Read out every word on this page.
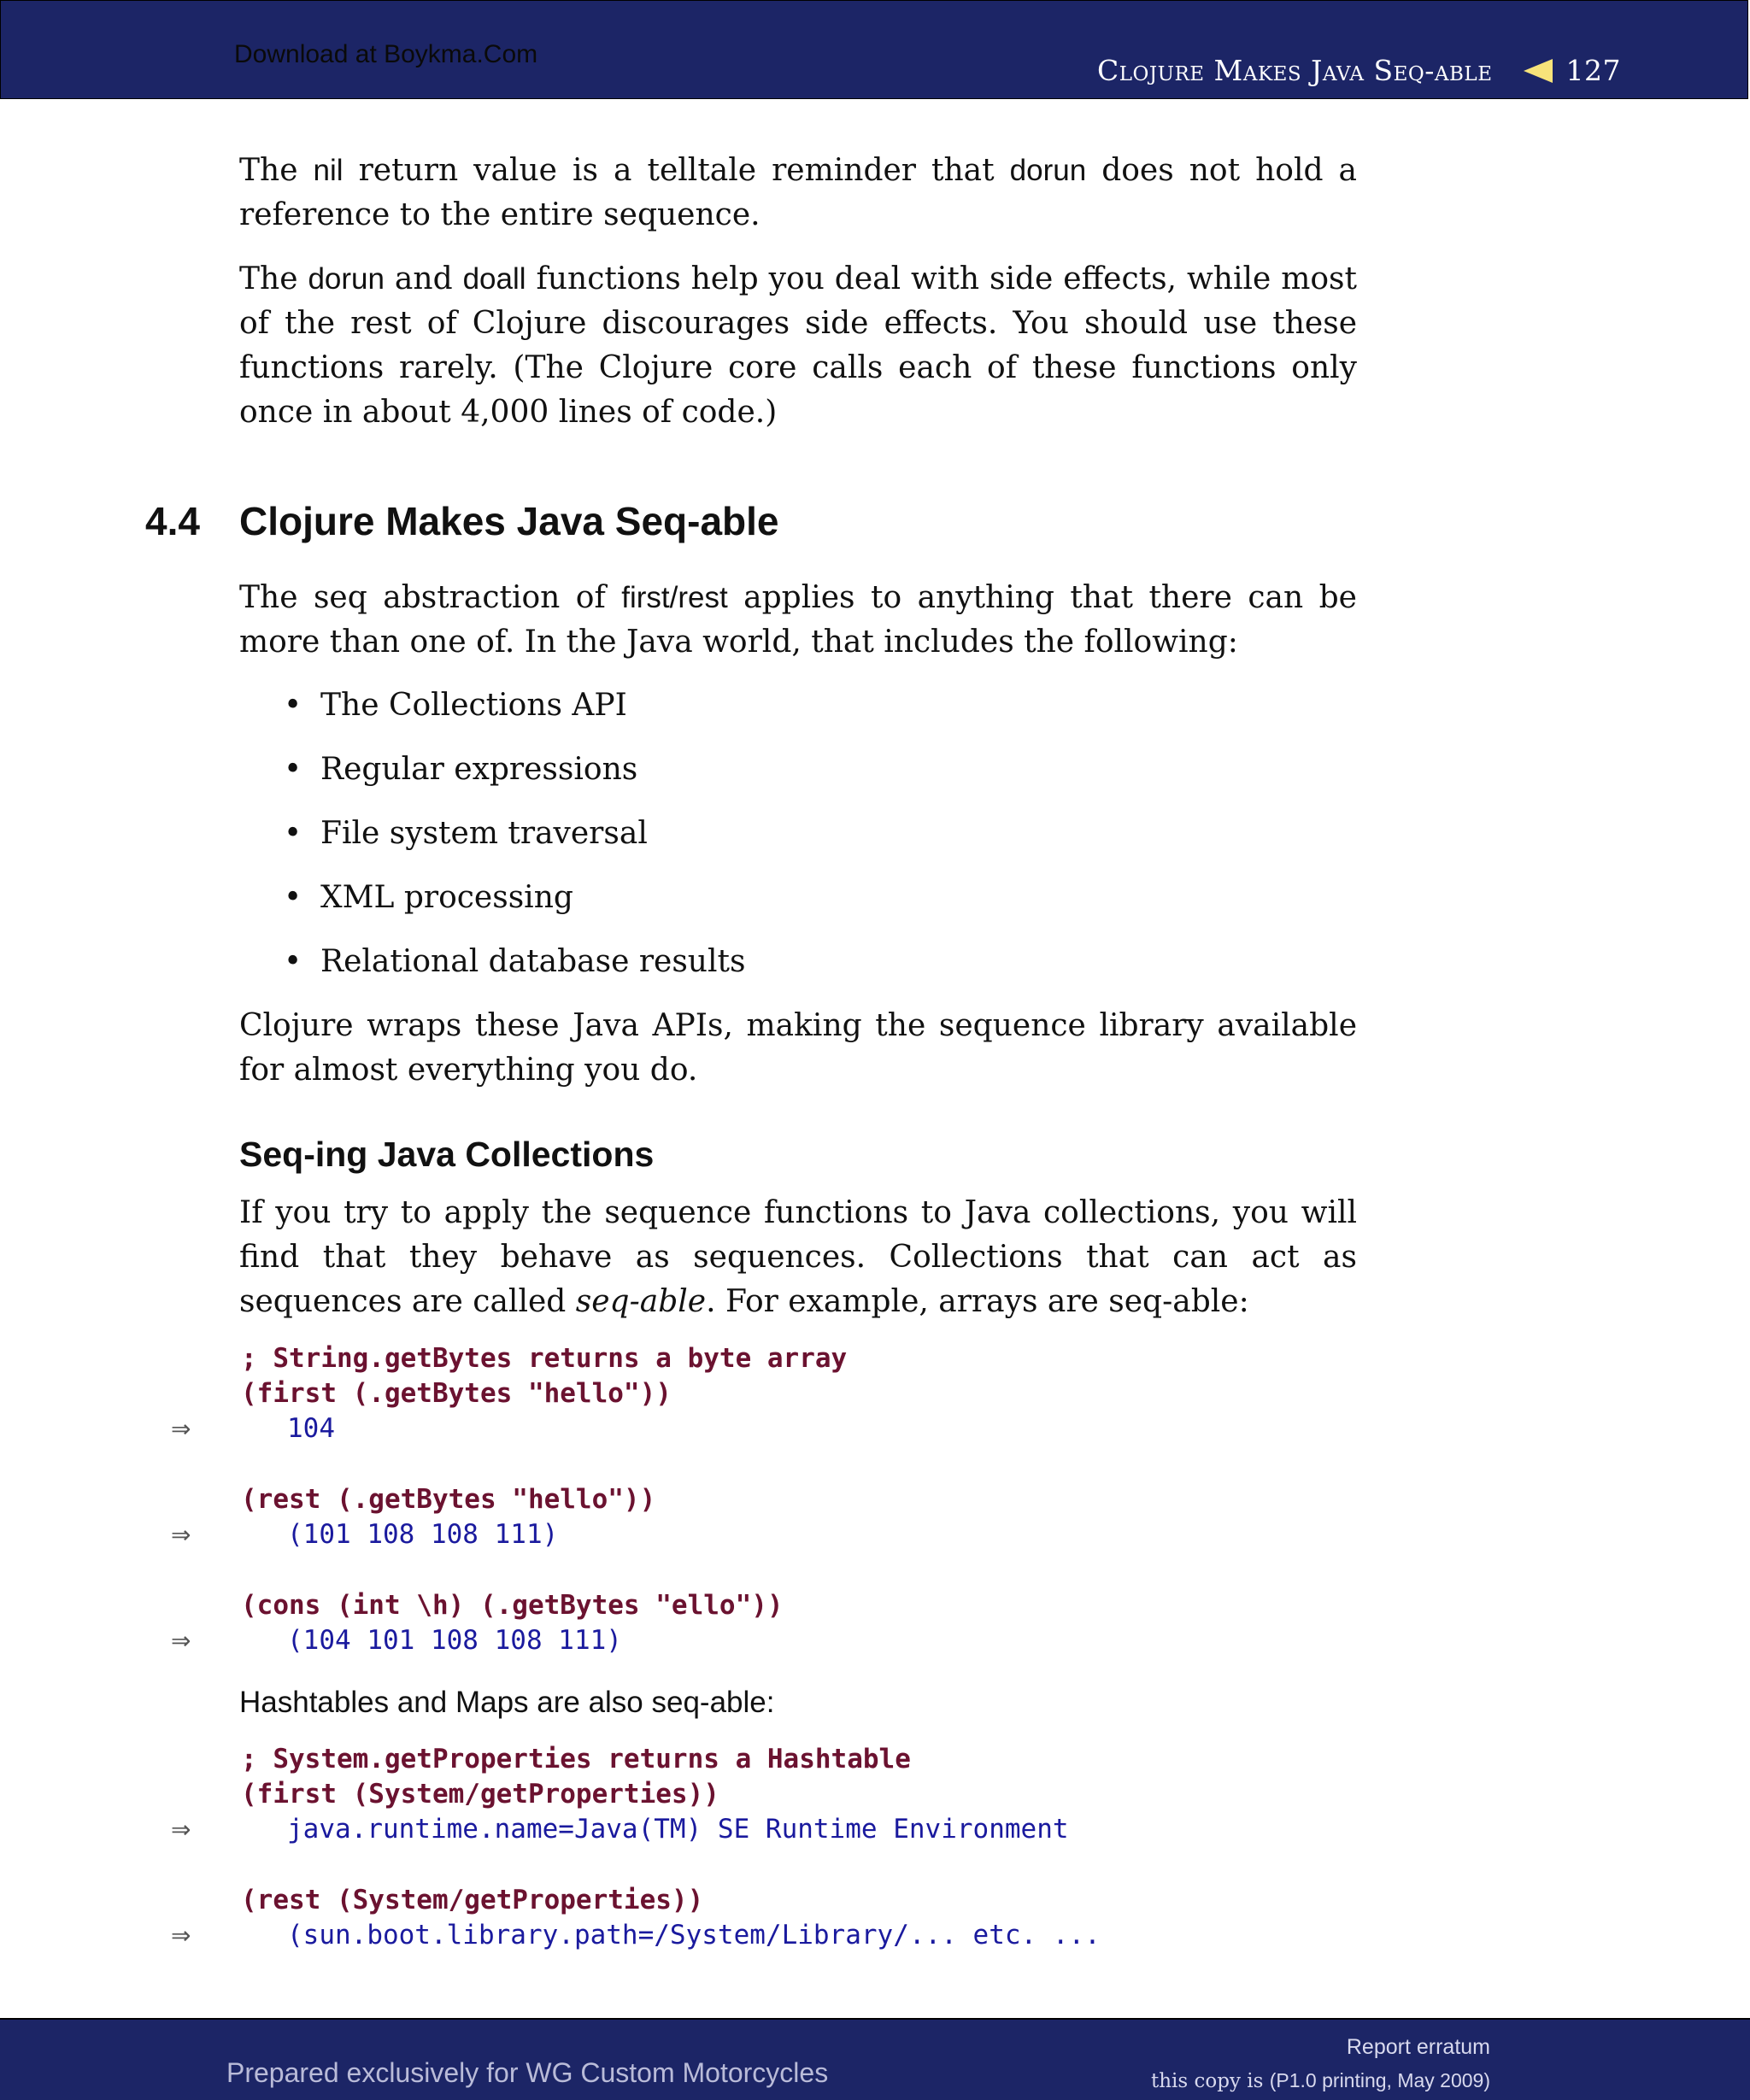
Download at Boykma.Com	Clojure Makes Java Seq-able	127

The nil return value is a telltale reminder that dorun does not hold a reference to the entire sequence.

The dorun and doall functions help you deal with side effects, while most of the rest of Clojure discourages side effects. You should use these functions rarely. (The Clojure core calls each of these functions only once in about 4,000 lines of code.)

4.4 Clojure Makes Java Seq-able

The seq abstraction of first/rest applies to anything that there can be more than one of. In the Java world, that includes the following:

• The Collections API
• Regular expressions
• File system traversal
• XML processing
• Relational database results

Clojure wraps these Java APIs, making the sequence library available for almost everything you do.

Seq-ing Java Collections

If you try to apply the sequence functions to Java collections, you will find that they behave as sequences. Collections that can act as sequences are called seq-able. For example, arrays are seq-able:

; String.getBytes returns a byte array
(first (.getBytes "hello"))
⇒	104
(rest (.getBytes "hello"))
⇒	(101 108 108 111)
(cons (int \h) (.getBytes "ello"))
⇒	(104 101 108 108 111)

Hashtables and Maps are also seq-able:

; System.getProperties returns a Hashtable
(first (System/getProperties))
⇒	java.runtime.name=Java(TM) SE Runtime Environment
(rest (System/getProperties))
⇒	(sun.boot.library.path=/System/Library/... etc. ...
Prepared exclusively for WG Custom Motorcycles
Report erratum
this copy is (P1.0 printing, May 2009)
